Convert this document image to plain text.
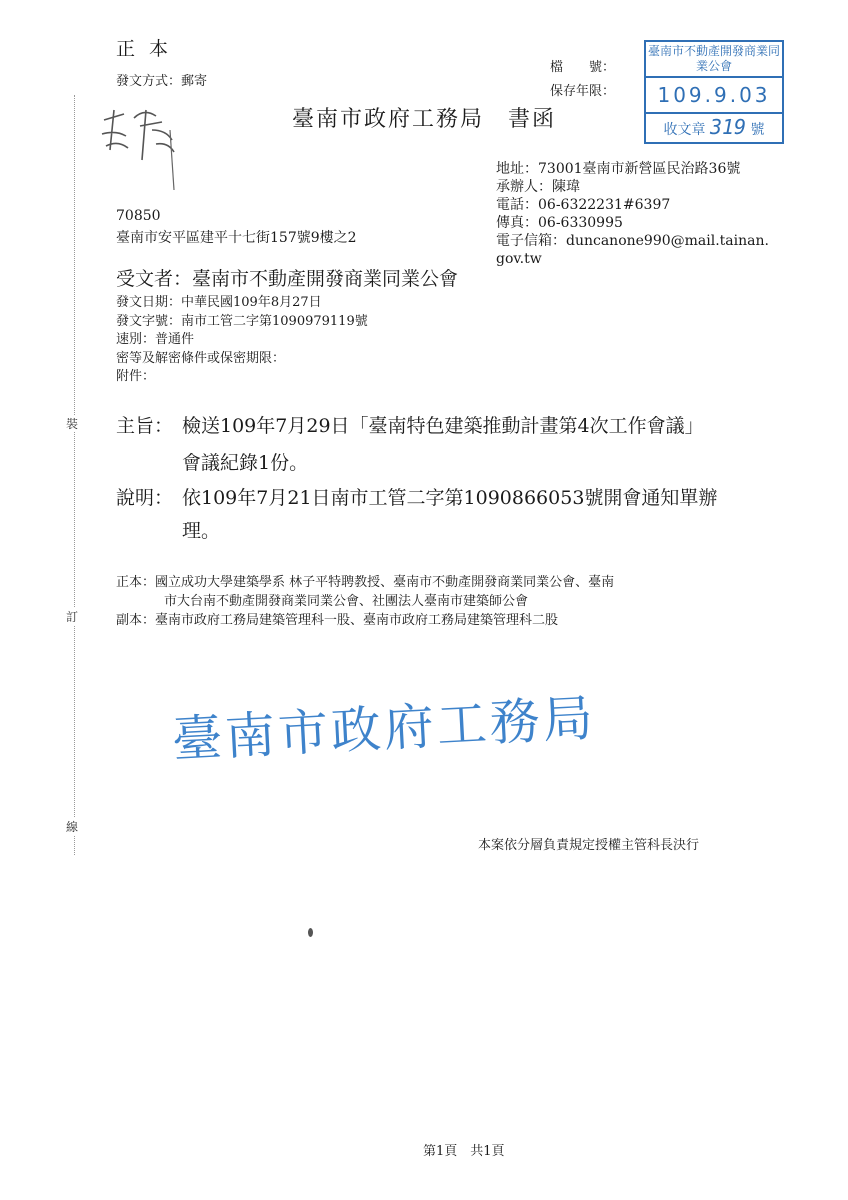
裝
訂
線
正 本
發文方式：郵寄
檔　　號：
保存年限：
臺南市政府工務局　書函
臺南市不動產開發商業同業公會
109.9.03
收文章 319 號
地址：73001臺南市新營區民治路36號
承辦人：陳瑋
電話：06-6322231#6397
傳真：06-6330995
電子信箱：duncanone990@mail.tainan.
gov.tw
70850
臺南市安平區建平十七街157號9樓之2
受文者：臺南市不動產開發商業同業公會
發文日期：中華民國109年8月27日
發文字號：南市工管二字第1090979119號
速別：普通件
密等及解密條件或保密期限：
附件：
主旨： 檢送109年7月29日「臺南特色建築推動計畫第4次工作會議」
會議紀錄1份。
說明： 依109年7月21日南市工管二字第1090866053號開會通知單辦
理。
正本：國立成功大學建築學系 林子平特聘教授、臺南市不動產開發商業同業公會、臺南
市大台南不動產開發商業同業公會、社團法人臺南市建築師公會
副本：臺南市政府工務局建築管理科一股、臺南市政府工務局建築管理科二股
臺南市政府工務局
本案依分層負責規定授權主管科長決行
第1頁　共1頁
